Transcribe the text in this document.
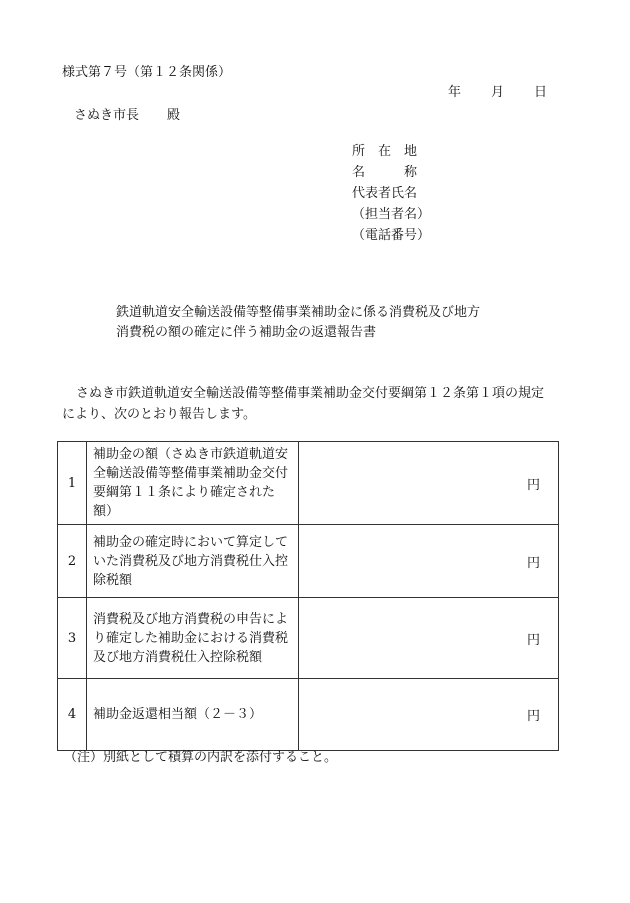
様式第７号（第１２条関係）
年 月 日
さぬき市長 殿
所　在　地
名　　　称
代表者氏名
（担当者名）
（電話番号）
鉄道軌道安全輸送設備等整備事業補助金に係る消費税及び地方
消費税の額の確定に伴う補助金の返還報告書
さぬき市鉄道軌道安全輸送設備等整備事業補助金交付要綱第１２条第１項の規定
により、次のとおり報告します。
1	補助金の額（さぬき市鉄道軌道安全輸送設備等整備事業補助金交付要綱第１１条により確定された額）	円
2	補助金の確定時において算定していた消費税及び地方消費税仕入控除税額	円
3	消費税及び地方消費税の申告により確定した補助金における消費税及び地方消費税仕入控除税額	円
4	補助金返還相当額（２－３）	円
（注）別紙として積算の内訳を添付すること。
